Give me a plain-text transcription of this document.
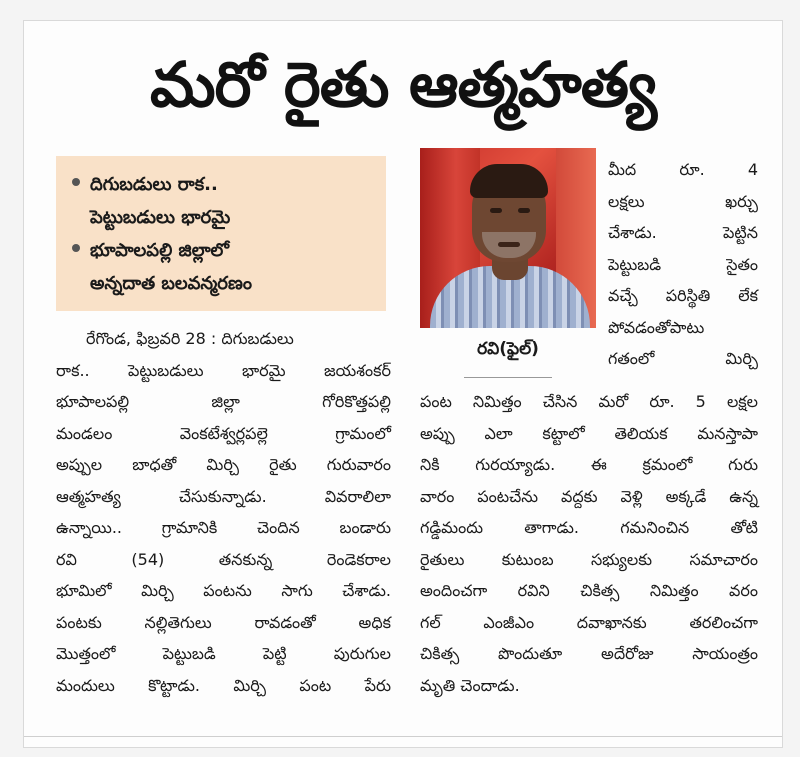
మరో రైతు ఆత్మహత్య
దిగుబడులు రాక..
పెట్టుబడులు భారమై
భూపాలపల్లి జిల్లాలో
అన్నదాత బలవన్మరణం
రేగొండ, ఫిబ్రవరి 28 : దిగుబడులు
రాక.. పెట్టుబడులు భారమై జయశంకర్
భూపాలపల్లి జిల్లా గోరికొత్తపల్లి
మండలం వెంకటేశ్వర్లపల్లె గ్రామంలో
అప్పుల బాధతో మిర్చి రైతు గురువారం
ఆత్మహత్య చేసుకున్నాడు. వివరాలిలా
ఉన్నాయి.. గ్రామానికి చెందిన బండారు
రవి (54) తనకున్న రెండెకరాల
భూమిలో మిర్చి పంటను సాగు చేశాడు.
పంటకు నల్లితెగులు రావడంతో అధిక
మొత్తంలో పెట్టుబడి పెట్టి పురుగుల
మందులు కొట్టాడు. మిర్చి పంట పేరు
రవి(ఫైల్)
మీద రూ. 4
లక్షలు ఖర్చు
చేశాడు. పెట్టిన
పెట్టుబడి సైతం
వచ్చే పరిస్థితి లేక
పోవడంతోపాటు
గతంలో మిర్చి
పంట నిమిత్తం చేసిన మరో రూ. 5 లక్షల
అప్పు ఎలా కట్టాలో తెలియక మనస్తాపా
నికి గురయ్యాడు. ఈ క్రమంలో గురు
వారం పంటచేను వద్దకు వెళ్లి అక్కడే ఉన్న
గడ్డిమందు తాగాడు. గమనించిన తోటి
రైతులు కుటుంబ సభ్యులకు సమాచారం
అందించగా రవిని చికిత్స నిమిత్తం వరం
గల్ ఎంజీఎం దవాఖానకు తరలించగా
చికిత్స పొందుతూ అదేరోజు సాయంత్రం
మృతి చెందాడు.
